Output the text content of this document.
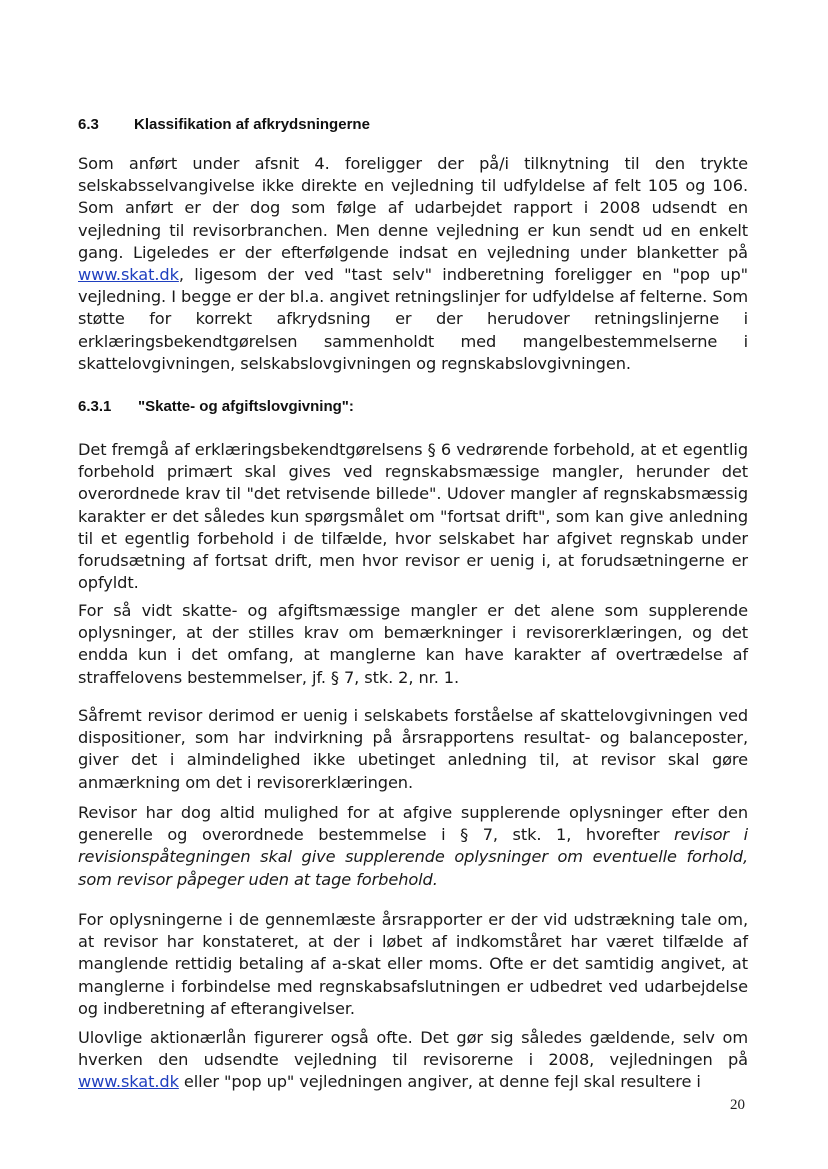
6.3 Klassifikation af afkrydsningerne

Som anført under afsnit 4. foreligger der på/i tilknytning til den trykte selskabsselvangivelse ikke direkte en vejledning til udfyldelse af felt 105 og 106. Som anført er der dog som følge af udarbejdet rapport i 2008 udsendt en vejledning til revisorbranchen. Men denne vejledning er kun sendt ud en enkelt gang. Ligeledes er der efterfølgende indsat en vejledning under blanketter på www.skat.dk, ligesom der ved "tast selv" indberetning foreligger en "pop up" vejledning. I begge er der bl.a. angivet retningslinjer for udfyldelse af felterne. Som støtte for korrekt afkrydsning er der herudover retningslinjerne i erklæringsbekendtgørelsen sammenholdt med mangelbestemmelserne i skattelovgivningen, selskabslovgivningen og regnskabslovgivningen.

6.3.1 "Skatte- og afgiftslovgivning":

Det fremgå af erklæringsbekendtgørelsens § 6 vedrørende forbehold, at et egentlig forbehold primært skal gives ved regnskabsmæssige mangler, herunder det overordnede krav til "det retvisende billede". Udover mangler af regnskabsmæssig karakter er det således kun spørgsmålet om "fortsat drift", som kan give anledning til et egentlig forbehold i de tilfælde, hvor selskabet har afgivet regnskab under forudsætning af fortsat drift, men hvor revisor er uenig i, at forudsætningerne er opfyldt.

For så vidt skatte- og afgiftsmæssige mangler er det alene som supplerende oplysninger, at der stilles krav om bemærkninger i revisorerklæringen, og det endda kun i det omfang, at manglerne kan have karakter af overtrædelse af straffelovens bestemmelser, jf. § 7, stk. 2, nr. 1.

Såfremt revisor derimod er uenig i selskabets forståelse af skattelovgivningen ved dispositioner, som har indvirkning på årsrapportens resultat- og balanceposter, giver det i almindelighed ikke ubetinget anledning til, at revisor skal gøre anmærkning om det i revisorerklæringen.

Revisor har dog altid mulighed for at afgive supplerende oplysninger efter den generelle og overordnede bestemmelse i § 7, stk. 1, hvorefter revisor i revisionspåtegningen skal give supplerende oplysninger om eventuelle forhold, som revisor påpeger uden at tage forbehold.

For oplysningerne i de gennemlæste årsrapporter er der vid udstrækning tale om, at revisor har konstateret, at der i løbet af indkomståret har været tilfælde af manglende rettidig betaling af a-skat eller moms. Ofte er det samtidig angivet, at manglerne i forbindelse med regnskabsafslutningen er udbedret ved udarbejdelse og indberetning af efterangivelser.

Ulovlige aktionærlån figurerer også ofte. Det gør sig således gældende, selv om hverken den udsendte vejledning til revisorerne i 2008, vejledningen på www.skat.dk eller "pop up" vejledningen angiver, at denne fejl skal resultere i

20
